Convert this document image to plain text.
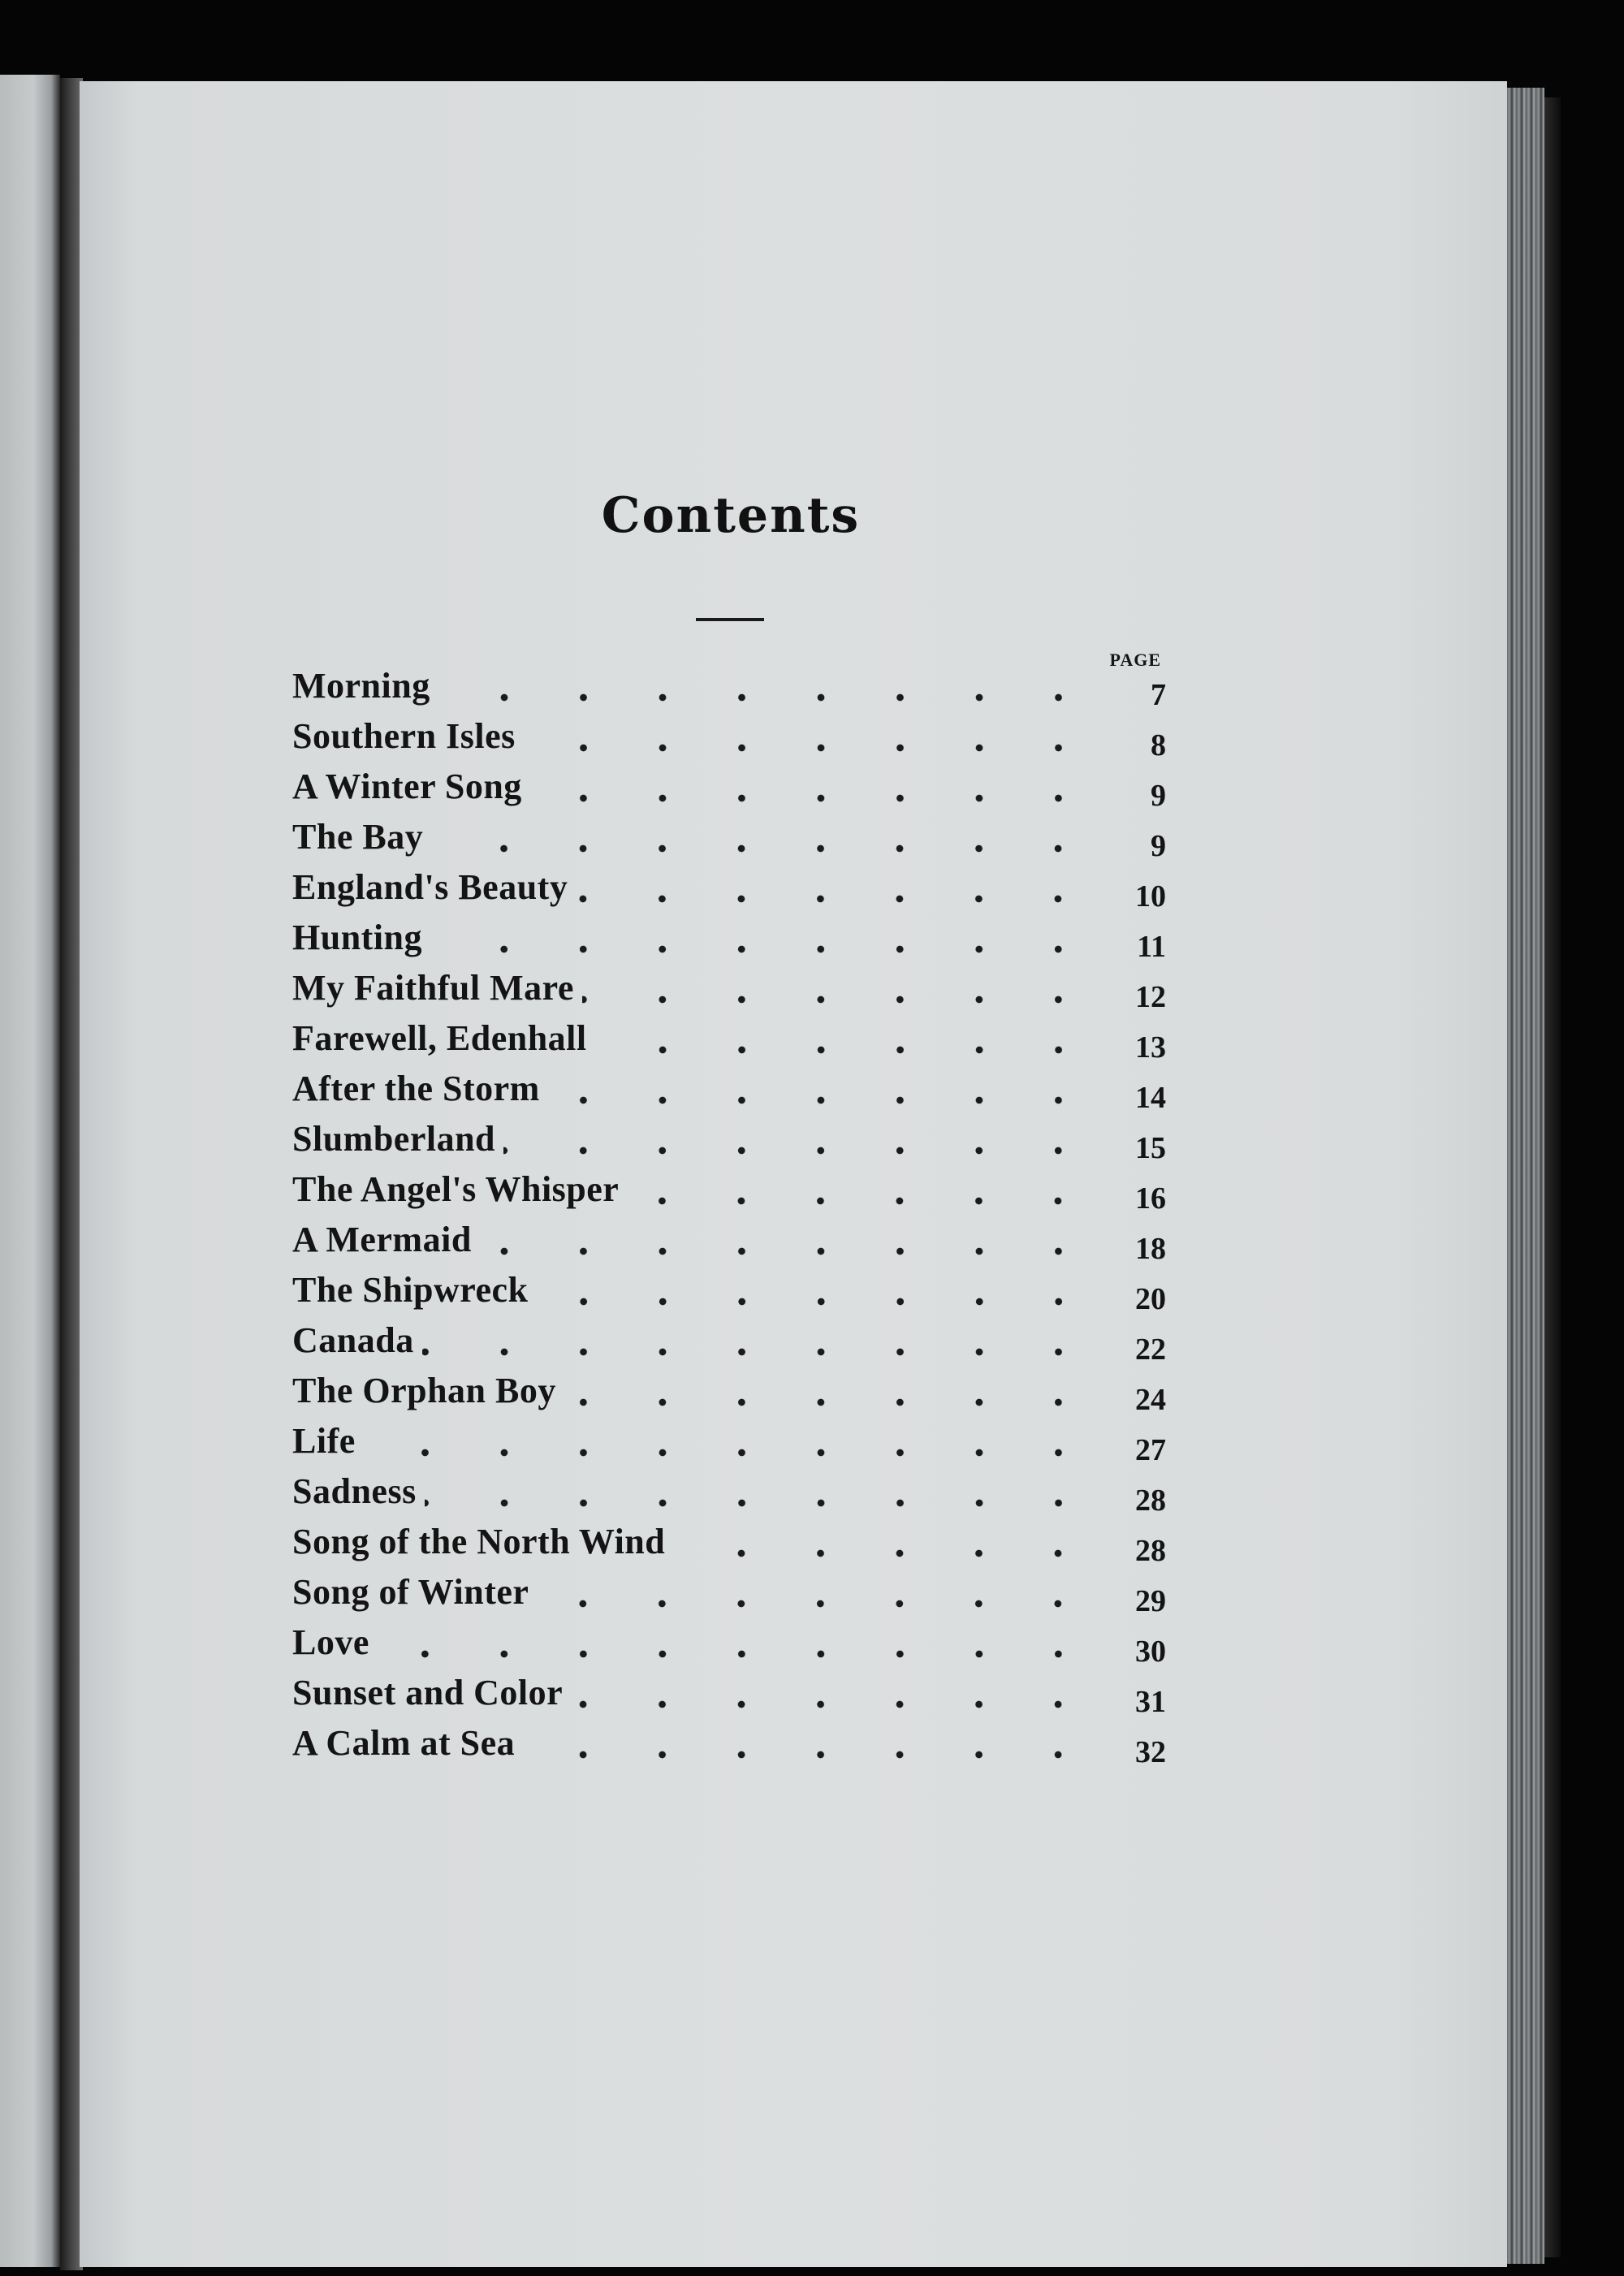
Contents
PAGE
Morning	7
Southern Isles	8
A Winter Song	9
The Bay	9
England's Beauty	10
Hunting	11
My Faithful Mare	12
Farewell, Edenhall	13
After the Storm	14
Slumberland	15
The Angel's Whisper	16
A Mermaid	18
The Shipwreck	20
Canada	22
The Orphan Boy	24
Life	27
Sadness	28
Song of the North Wind	28
Song of Winter	29
Love	30
Sunset and Color	31
A Calm at Sea	32
